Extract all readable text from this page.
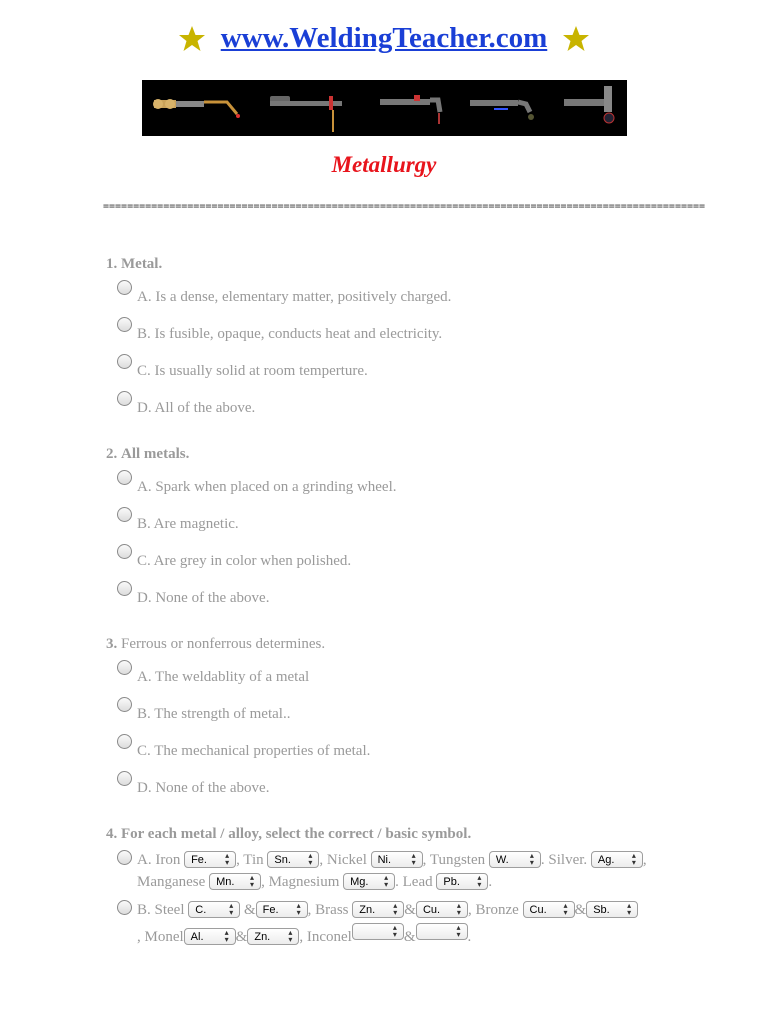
www.WeldingTeacher.com
Metallurgy
====================================================================================================
1. Metal.
A. Is a dense, elementary matter, positively charged.
B. Is fusible, opaque, conducts heat and electricity.
C. Is usually solid at room temperture.
D. All of the above.
2. All metals.
A. Spark when placed on a grinding wheel.
B. Are magnetic.
C. Are grey in color when polished.
D. None of the above.
3. Ferrous or nonferrous determines.
A. The weldablity of a metal
B. The strength of metal..
C. The mechanical properties of metal.
D. None of the above.
4. For each metal / alloy, select the correct / basic symbol.
A. Iron Fe. ▴
▾ , Tin Sn. ▴
▾ , Nickel Ni.	▴
▾ , Tungsten W.	▴
▾ . Silver. Ag. ▴
▾ ,
Manganese Mn. ▴
▾ , Magnesium Mg. ▴
▾ . Lead Pb. ▴
▾ .
B. Steel C.	▴
▾ & Fe. ▴
▾ , Brass Zn. ▴
▾ & Cu. ▴
▾ , Bronze Cu. ▴
▾ & Sb. ▴
▾
, Monel Al.	▴
▾ & Zn. ▴
▾ , Inconel
▴
▾ &
▴
▾ .
